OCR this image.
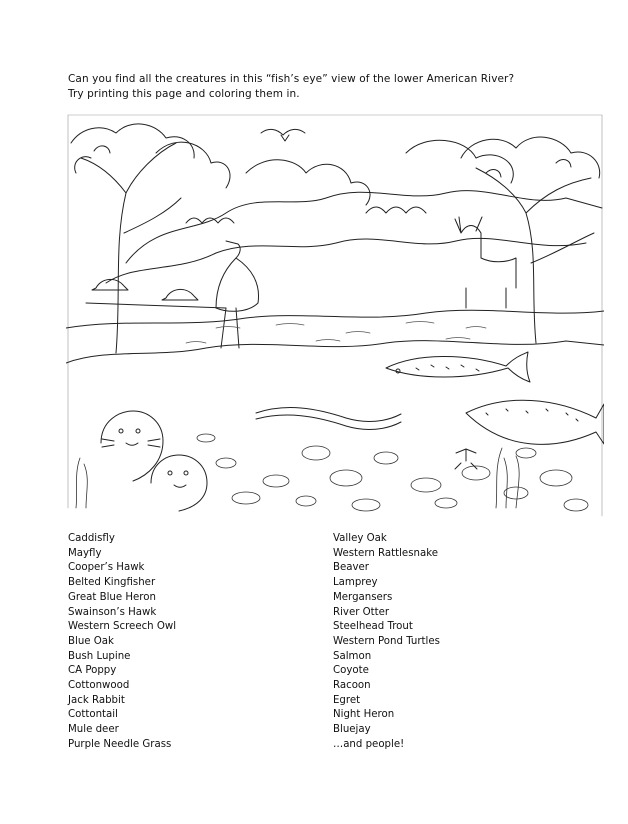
Can you find all the creatures in this “fish’s eye” view of the lower American River?
Try printing this page and coloring them in.
Caddisfly
Mayfly
Cooper’s Hawk
Belted Kingfisher
Great Blue Heron
Swainson’s Hawk
Western Screech Owl
Blue Oak
Bush Lupine
CA Poppy
Cottonwood
Jack Rabbit
Cottontail
Mule deer
Purple Needle Grass
Valley Oak
Western Rattlesnake
Beaver
Lamprey
Mergansers
River Otter
Steelhead Trout
Western Pond Turtles
Salmon
Coyote
Racoon
Egret
Night Heron
Bluejay
…and people!
